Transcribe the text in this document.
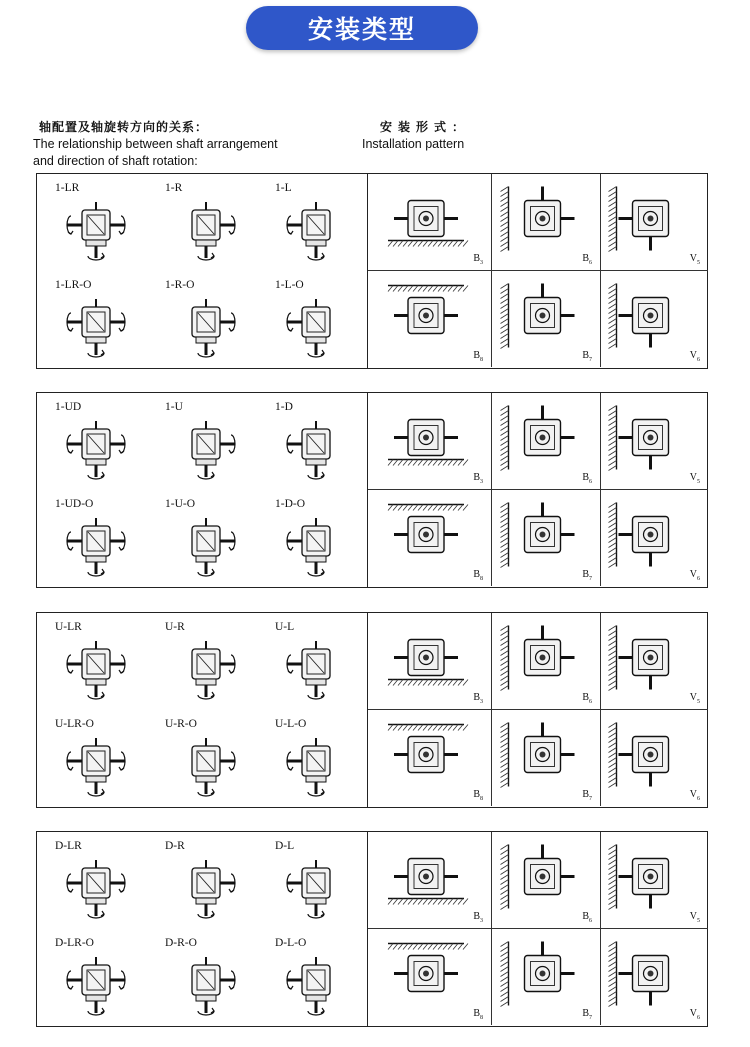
安装类型
轴配置及轴旋转方向的关系：
The relationship between shaft arrangement
and direction of shaft rotation:
安装形式：
Installation pattern
1-LR	1-R	1-L
1-LR-O	1-R-O	1-L-O
$B_3$	$B_6$	$V_5$
$B_8$	$B_7$	$V_6$
1-UD	1-U	1-D
1-UD-O	1-U-O	1-D-O
$B_3$	$B_6$	$V_5$
$B_8$	$B_7$	$V_6$
U-LR	U-R	U-L
U-LR-O	U-R-O	U-L-O
$B_3$	$B_6$	$V_5$
$B_8$	$B_7$	$V_6$
D-LR	D-R	D-L
D-LR-O	D-R-O	D-L-O
$B_3$	$B_6$	$V_5$
$B_8$	$B_7$	$V_6$
